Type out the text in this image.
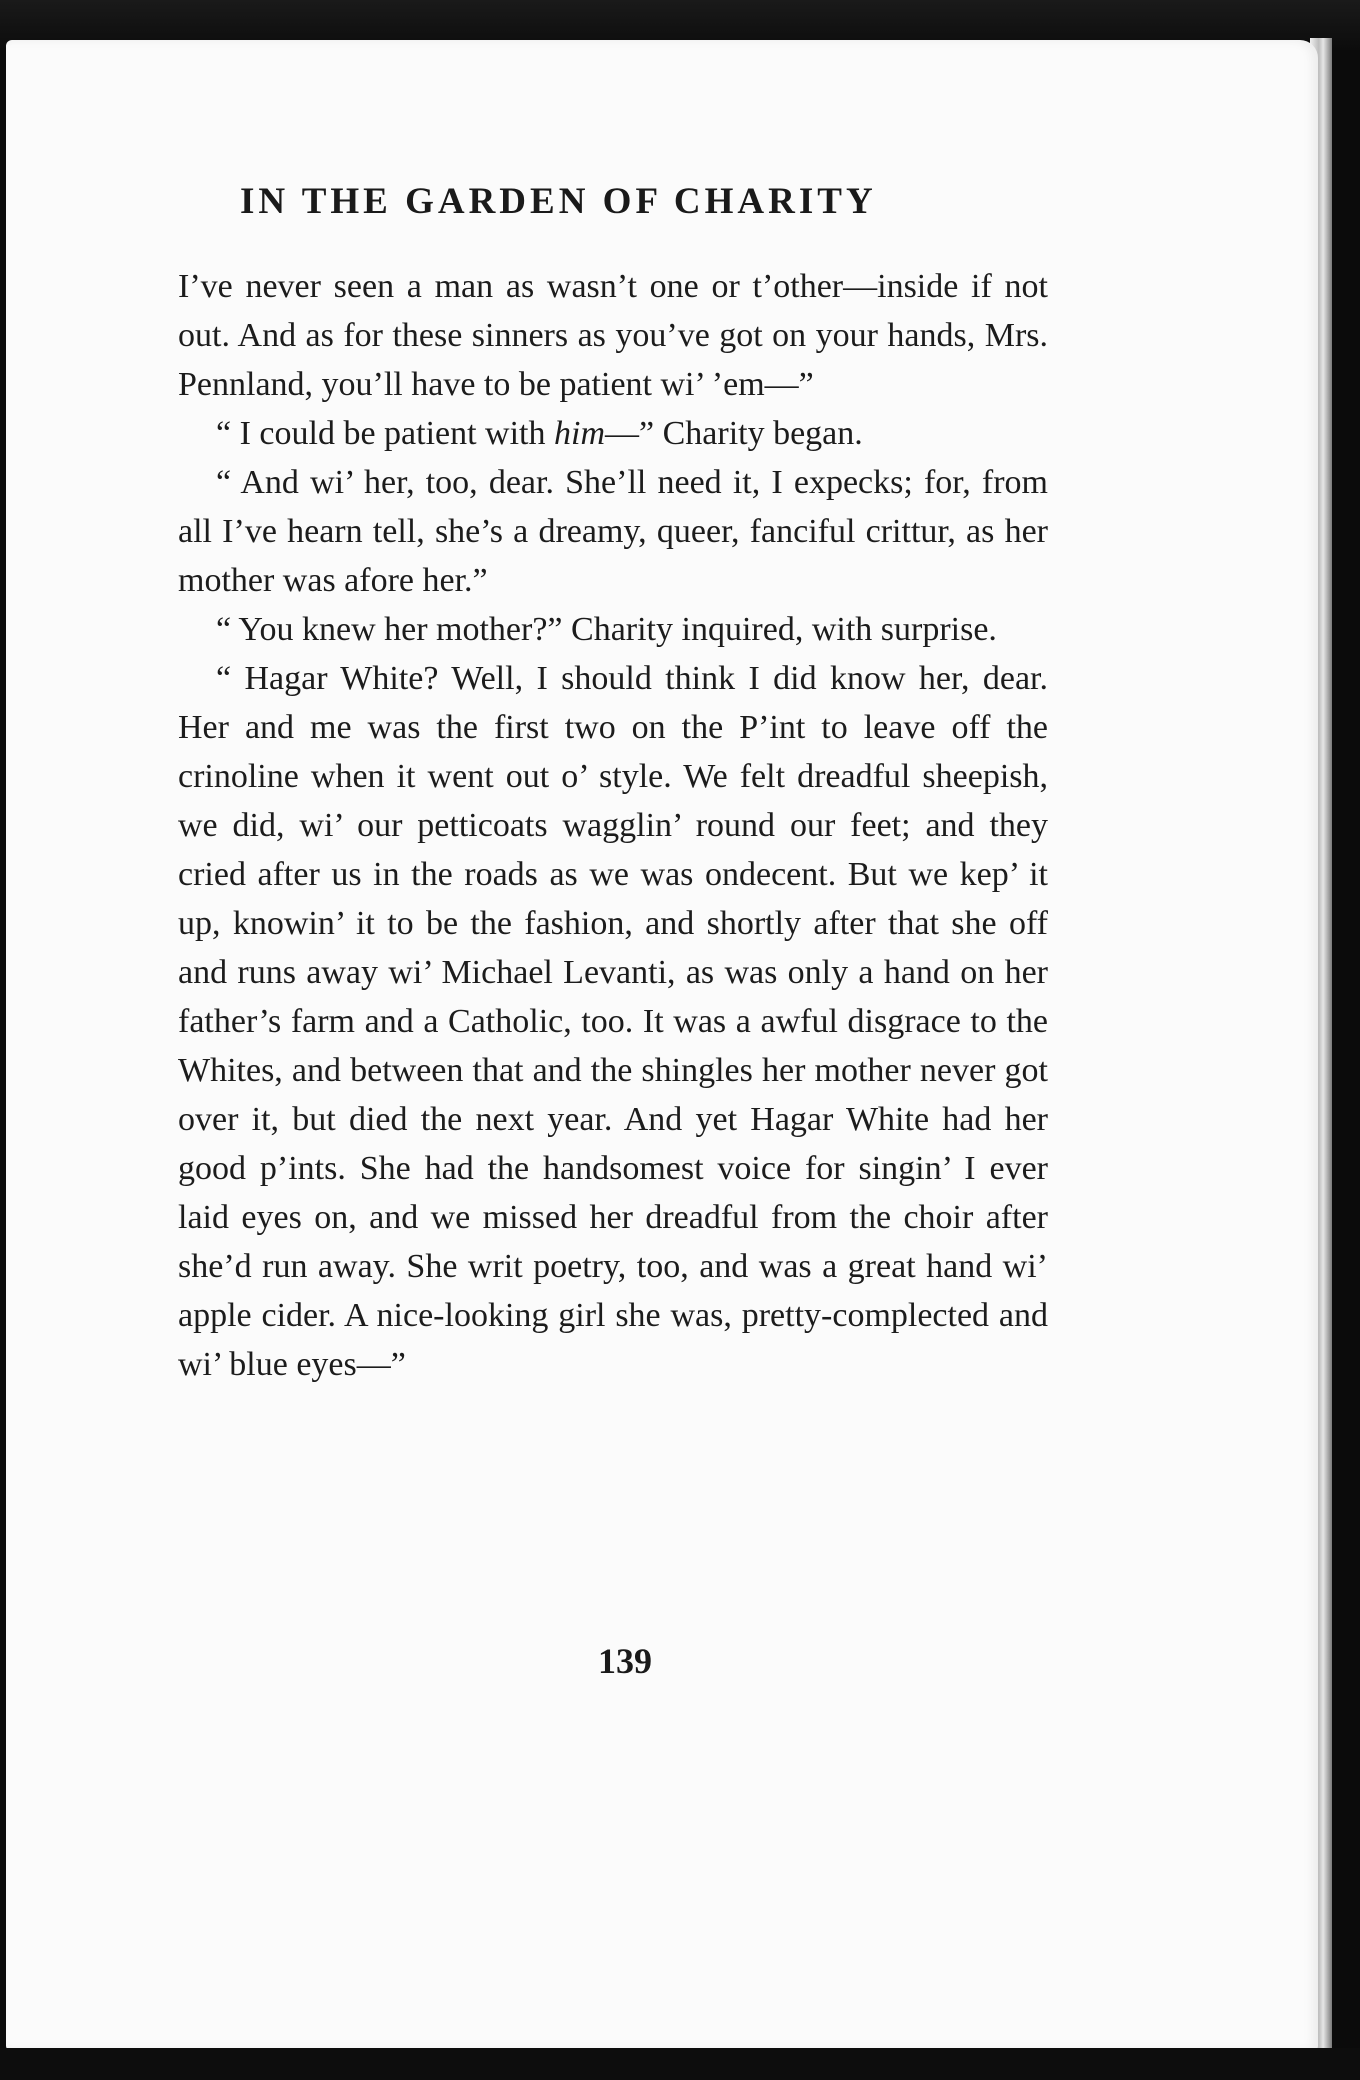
IN THE GARDEN OF CHARITY

I’ve never seen a man as wasn’t one or t’other—inside if not out. And as for these sinners as you’ve got on your hands, Mrs. Pennland, you’ll have to be patient wi’ ’em—”

“ I could be patient with him—” Charity began.

“ And wi’ her, too, dear. She’ll need it, I expecks; for, from all I’ve hearn tell, she’s a dreamy, queer, fanciful crittur, as her mother was afore her.”

“ You knew her mother?” Charity inquired, with surprise.

“ Hagar White? Well, I should think I did know her, dear. Her and me was the first two on the P’int to leave off the crinoline when it went out o’ style. We felt dreadful sheepish, we did, wi’ our petticoats wagglin’ round our feet; and they cried after us in the roads as we was ondecent. But we kep’ it up, knowin’ it to be the fashion, and shortly after that she off and runs away wi’ Michael Levanti, as was only a hand on her father’s farm and a Catholic, too. It was a awful disgrace to the Whites, and between that and the shingles her mother never got over it, but died the next year. And yet Hagar White had her good p’ints. She had the handsomest voice for singin’ I ever laid eyes on, and we missed her dreadful from the choir after she’d run away. She writ poetry, too, and was a great hand wi’ apple cider. A nice-looking girl she was, pretty-complected and wi’ blue eyes—”

139
